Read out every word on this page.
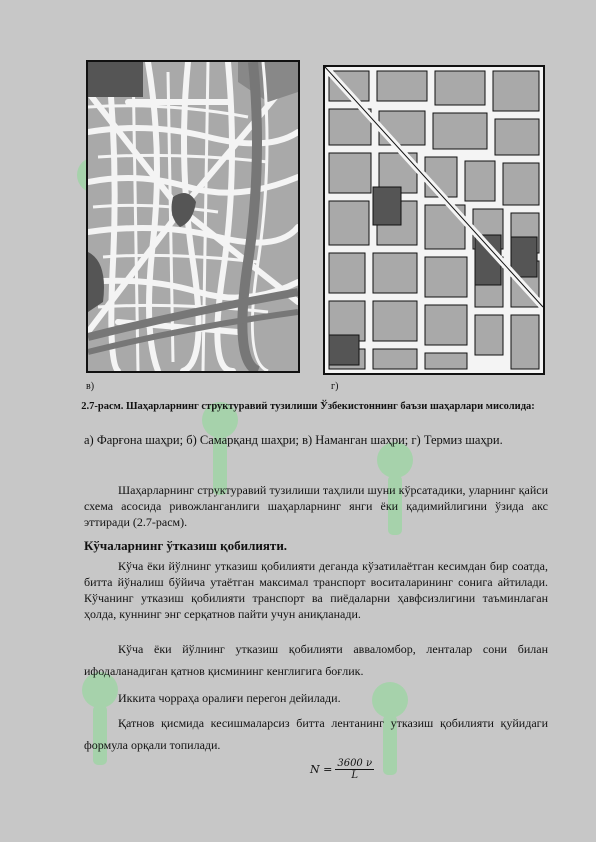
в)	г)
2.7-расм. Шаҳарларнинг структуравий тузилиши Ўзбекистоннинг баъзи шаҳарлари мисолида:
а) Фарғона шаҳри; б) Самарқанд шаҳри; в) Наманган шаҳри; г) Термиз шаҳри.
Шаҳарларнинг структуравий тузилиши таҳлили шуни кўрсатадики, уларнинг қайси схема асосида ривожланганлиги шаҳарларнинг янги ёки қадимийлигини ўзида акс эттиради (2.7-расм).
Кўчаларнинг ўтказиш қобилияти.
Кўча ёки йўлнинг утказиш қобилияти деганда кўзатилаётган кесимдан бир соатда, битта йўналиш бўйича утаётган максимал транспорт воситаларининг сонига айтилади. Кўчанинг утказиш қобилияти транспорт ва пиёдаларни ҳавфсизлигини таъминлаган ҳолда, куннинг энг серқатнов пайти учун аниқланади.
Кўча ёки йўлнинг утказиш қобилияти авваломбор, ленталар сони билан ифодаланадиган қатнов қисмининг кенглигига боғлик.
Иккита чорраҳа оралиғи перегон дейилади.
Қатнов қисмида кесишмаларсиз битта лентанинг утказиш қобилияти қуйидаги формула орқали топилади.
$N = \frac{3600 \nu}{L}$
